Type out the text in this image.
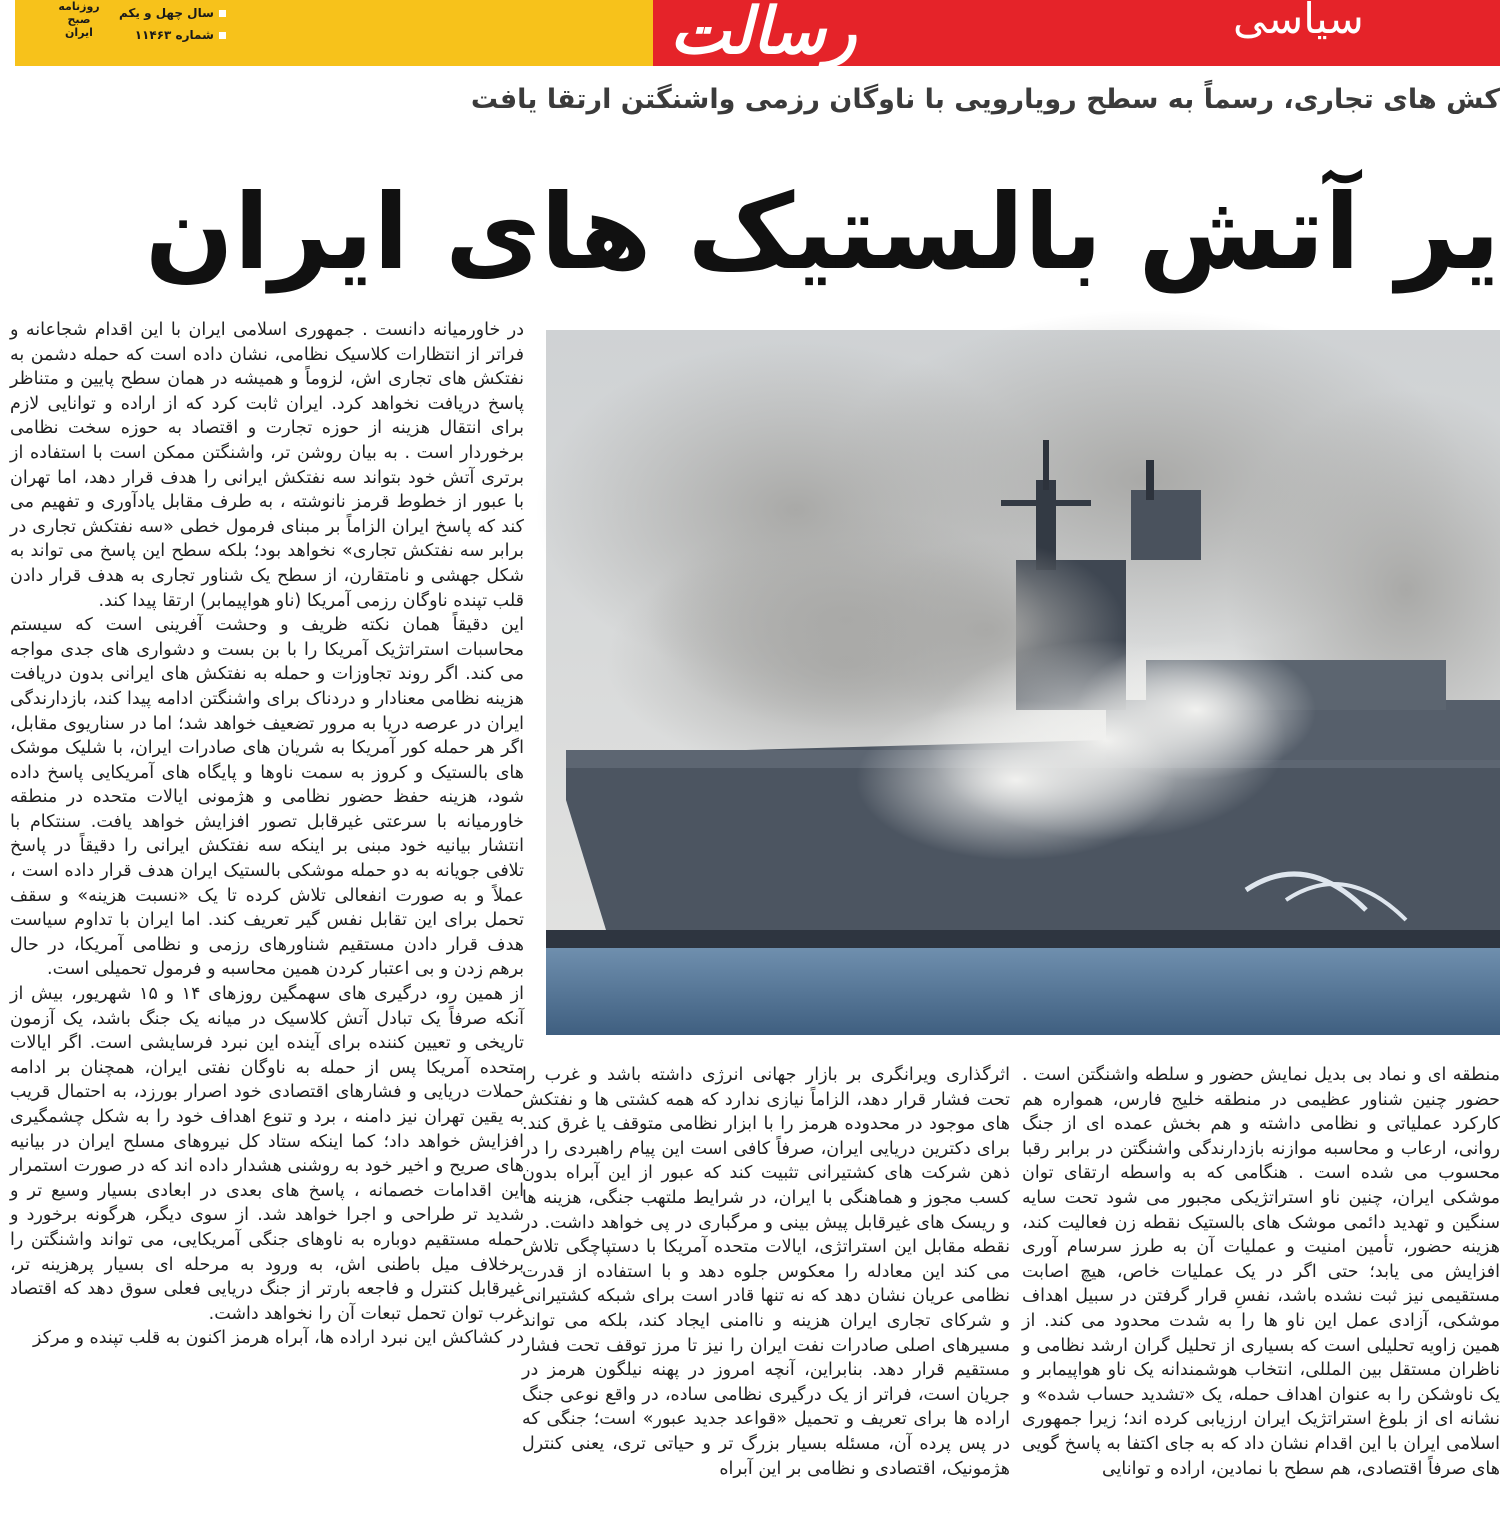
روزنامه
صبح
ایران
سال چهل و یکم
شماره ۱۱۴۶۳	رسالت	سیاسی
کش های تجاری، رسماً به سطح رویارویی با ناوگان رزمی واشنگتن ارتقا یافت
یر آتش بالستیک های ایران

در خاورمیانه دانست . جمهوری اسلامی ایران با این اقدام شجاعانه و فراتر از انتظارات کلاسیک نظامی، نشان داده است که حمله دشمن به نفتکش های تجاری اش، لزوماً و همیشه در همان سطح پایین و متناظر پاسخ دریافت نخواهد کرد. ایران ثابت کرد که از اراده و توانایی لازم برای انتقال هزینه از حوزه تجارت و اقتصاد به حوزه سخت نظامی برخوردار است . به بیان روشن تر، واشنگتن ممکن است با استفاده از برتری آتش خود بتواند سه نفتکش ایرانی را هدف قرار دهد، اما تهران با عبور از خطوط قرمز نانوشته ، به طرف مقابل یادآوری و تفهیم می کند که پاسخ ایران الزاماً بر مبنای فرمول خطی «سه نفتکش تجاری در برابر سه نفتکش تجاری» نخواهد بود؛ بلکه سطح این پاسخ می تواند به شکل جهشی و نامتقارن، از سطح یک شناور تجاری به هدف قرار دادن قلب تپنده ناوگان رزمی آمریکا (ناو هواپیمابر) ارتقا پیدا کند.

این دقیقاً همان نکته ظریف و وحشت آفرینی است که سیستم محاسبات استراتژیک آمریکا را با بن بست و دشواری های جدی مواجه می کند. اگر روند تجاوزات و حمله به نفتکش های ایرانی بدون دریافت هزینه نظامی معنادار و دردناک برای واشنگتن ادامه پیدا کند، بازدارندگی ایران در عرصه دریا به مرور تضعیف خواهد شد؛ اما در سناریوی مقابل، اگر هر حمله کور آمریکا به شریان های صادرات ایران، با شلیک موشک های بالستیک و کروز به سمت ناوها و پایگاه های آمریکایی پاسخ داده شود، هزینه حفظ حضور نظامی و هژمونی ایالات متحده در منطقه خاورمیانه با سرعتی غیرقابل تصور افزایش خواهد یافت. سنتکام با انتشار بیانیه خود مبنی بر اینکه سه نفتکش ایرانی را دقیقاً در پاسخ تلافی جویانه به دو حمله موشکی بالستیک ایران هدف قرار داده است ، عملاً و به صورت انفعالی تلاش کرده تا یک «نسبت هزینه» و سقف تحمل برای این تقابل نفس گیر تعریف کند. اما ایران با تداوم سیاست هدف قرار دادن مستقیم شناورهای رزمی و نظامی آمریکا، در حال برهم زدن و بی اعتبار کردن همین محاسبه و فرمول تحمیلی است.

از همین رو، درگیری های سهمگین روزهای ۱۴ و ۱۵ شهریور، بیش از آنکه صرفاً یک تبادل آتش کلاسیک در میانه یک جنگ باشد، یک آزمون تاریخی و تعیین کننده برای آینده این نبرد فرسایشی است. اگر ایالات متحده آمریکا پس از حمله به ناوگان نفتی ایران، همچنان بر ادامه حملات دریایی و فشارهای اقتصادی خود اصرار بورزد، به احتمال قریب به یقین تهران نیز دامنه ، برد و تنوع اهداف خود را به شکل چشمگیری افزایش خواهد داد؛ کما اینکه ستاد کل نیروهای مسلح ایران در بیانیه های صریح و اخیر خود به روشنی هشدار داده اند که در صورت استمرار این اقدامات خصمانه ، پاسخ های بعدی در ابعادی بسیار وسیع تر و شدید تر طراحی و اجرا خواهد شد. از سوی دیگر، هرگونه برخورد و حمله مستقیم دوباره به ناوهای جنگی آمریکایی، می تواند واشنگتن را برخلاف میل باطنی اش، به ورود به مرحله ای بسیار پرهزینه تر، غیرقابل کنترل و فاجعه بارتر از جنگ دریایی فعلی سوق دهد که اقتصاد غرب توان تحمل تبعات آن را نخواهد داشت.

در کشاکش این نبرد اراده ها، آبراه هرمز اکنون به قلب تپنده و مرکز

اثرگذاری ویرانگری بر بازار جهانی انرژی داشته باشد و غرب را تحت فشار قرار دهد، الزاماً نیازی ندارد که همه کشتی ها و نفتکش های موجود در محدوده هرمز را با ابزار نظامی متوقف یا غرق کند. برای دکترین دریایی ایران، صرفاً کافی است این پیام راهبردی را در ذهن شرکت های کشتیرانی تثبیت کند که عبور از این آبراه بدون کسب مجوز و هماهنگی با ایران، در شرایط ملتهب جنگی، هزینه ها و ریسک های غیرقابل پیش بینی و مرگباری در پی خواهد داشت. در نقطه مقابل این استراتژی، ایالات متحده آمریکا با دستپاچگی تلاش می کند این معادله را معکوس جلوه دهد و با استفاده از قدرت نظامی عریان نشان دهد که نه تنها قادر است برای شبکه کشتیرانی و شرکای تجاری ایران هزینه و ناامنی ایجاد کند، بلکه می تواند مسیرهای اصلی صادرات نفت ایران را نیز تا مرز توقف تحت فشار مستقیم قرار دهد. بنابراین، آنچه امروز در پهنه نیلگون هرمز در جریان است، فراتر از یک درگیری نظامی ساده، در واقع نوعی جنگ اراده ها برای تعریف و تحمیل «قواعد جدید عبور» است؛ جنگی که در پس پرده آن، مسئله بسیار بزرگ تر و حیاتی تری، یعنی کنترل هژمونیک، اقتصادی و نظامی بر این آبراه

منطقه ای و نماد بی بدیل نمایش حضور و سلطه واشنگتن است . حضور چنین شناور عظیمی در منطقه خلیج فارس، همواره هم کارکرد عملیاتی و نظامی داشته و هم بخش عمده ای از جنگ روانی، ارعاب و محاسبه موازنه بازدارندگی واشنگتن در برابر رقبا محسوب می شده است . هنگامی که به واسطه ارتقای توان موشکی ایران، چنین ناو استراتژیکی مجبور می شود تحت سایه سنگین و تهدید دائمی موشک های بالستیک نقطه زن فعالیت کند، هزینه حضور، تأمین امنیت و عملیات آن به طرز سرسام آوری افزایش می یابد؛ حتی اگر در یک عملیات خاص، هیچ اصابت مستقیمی نیز ثبت نشده باشد، نفسِ قرار گرفتن در سبیل اهداف موشکی، آزادی عمل این ناو ها را به شدت محدود می کند. از همین زاویه تحلیلی است که بسیاری از تحلیل گران ارشد نظامی و ناظران مستقل بین المللی، انتخاب هوشمندانه یک ناو هواپیمابر و یک ناوشکن را به عنوان اهداف حمله، یک «تشدید حساب شده» و نشانه ای از بلوغ استراتژیک ایران ارزیابی کرده اند؛ زیرا جمهوری اسلامی ایران با این اقدام نشان داد که به جای اکتفا به پاسخ گویی های صرفاً اقتصادی، هم سطح با نمادین، اراده و توانایی
